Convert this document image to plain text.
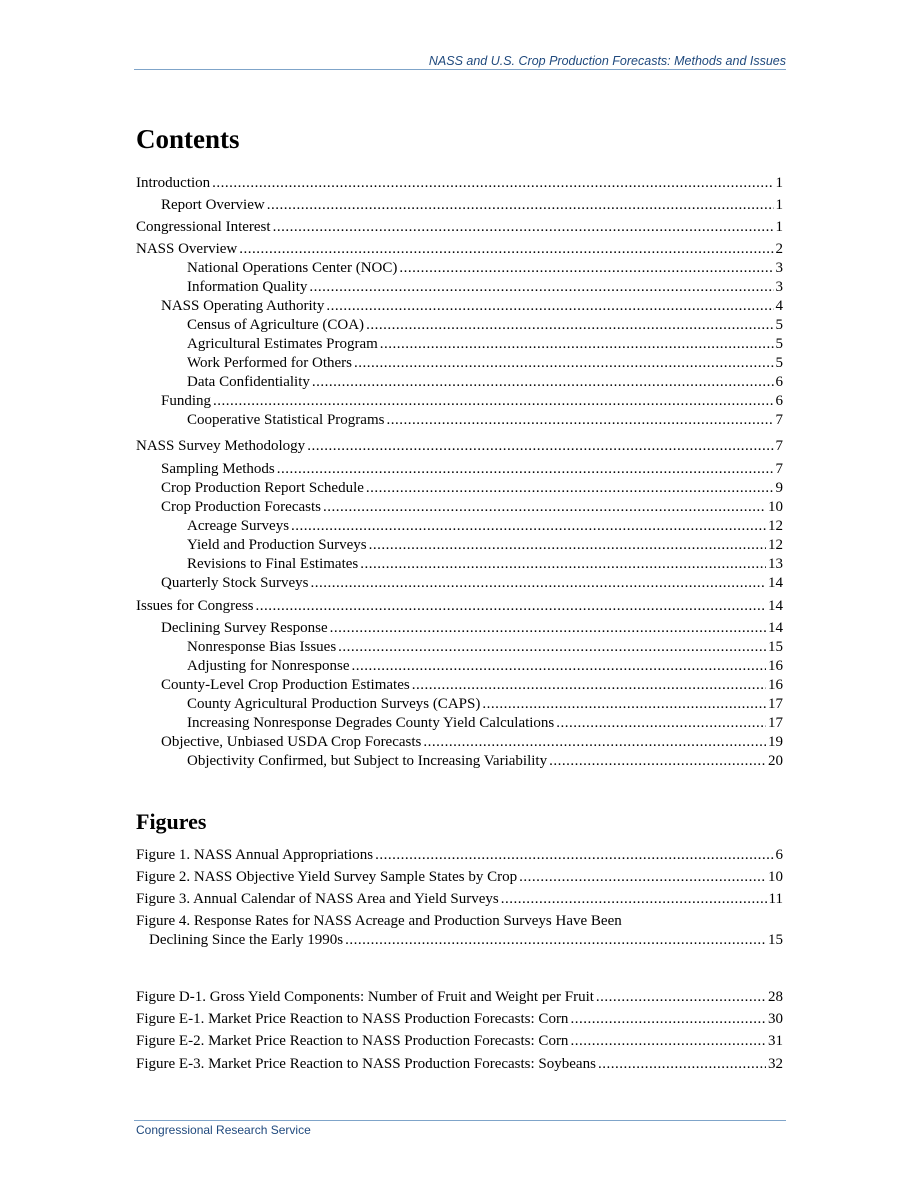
NASS and U.S. Crop Production Forecasts: Methods and Issues
Contents
Introduction .....	1
Report Overview .....	1
Congressional Interest .....	1
NASS Overview .....	2
National Operations Center (NOC) .....	3
Information Quality .....	3
NASS Operating Authority .....	4
Census of Agriculture (COA) .....	5
Agricultural Estimates Program .....	5
Work Performed for Others .....	5
Data Confidentiality .....	6
Funding .....	6
Cooperative Statistical Programs .....	7
NASS Survey Methodology .....	7
Sampling Methods .....	7
Crop Production Report Schedule .....	9
Crop Production Forecasts .....	10
Acreage Surveys .....	12
Yield and Production Surveys .....	12
Revisions to Final Estimates .....	13
Quarterly Stock Surveys .....	14
Issues for Congress .....	14
Declining Survey Response .....	14
Nonresponse Bias Issues .....	15
Adjusting for Nonresponse .....	16
County-Level Crop Production Estimates .....	16
County Agricultural Production Surveys (CAPS) .....	17
Increasing Nonresponse Degrades County Yield Calculations .....	17
Objective, Unbiased USDA Crop Forecasts .....	19
Objectivity Confirmed, but Subject to Increasing Variability .....	20
Figures
Figure 1. NASS Annual Appropriations .....	6
Figure 2. NASS Objective Yield Survey Sample States by Crop .....	10
Figure 3. Annual Calendar of NASS Area and Yield Surveys .....	11
Figure 4. Response Rates for NASS Acreage and Production Surveys Have Been
Declining Since the Early 1990s .....	15
Figure D-1. Gross Yield Components: Number of Fruit and Weight per Fruit .....	28
Figure E-1. Market Price Reaction to NASS Production Forecasts: Corn .....	30
Figure E-2. Market Price Reaction to NASS Production Forecasts: Corn .....	31
Figure E-3. Market Price Reaction to NASS Production Forecasts: Soybeans .....	32
Congressional Research Service
